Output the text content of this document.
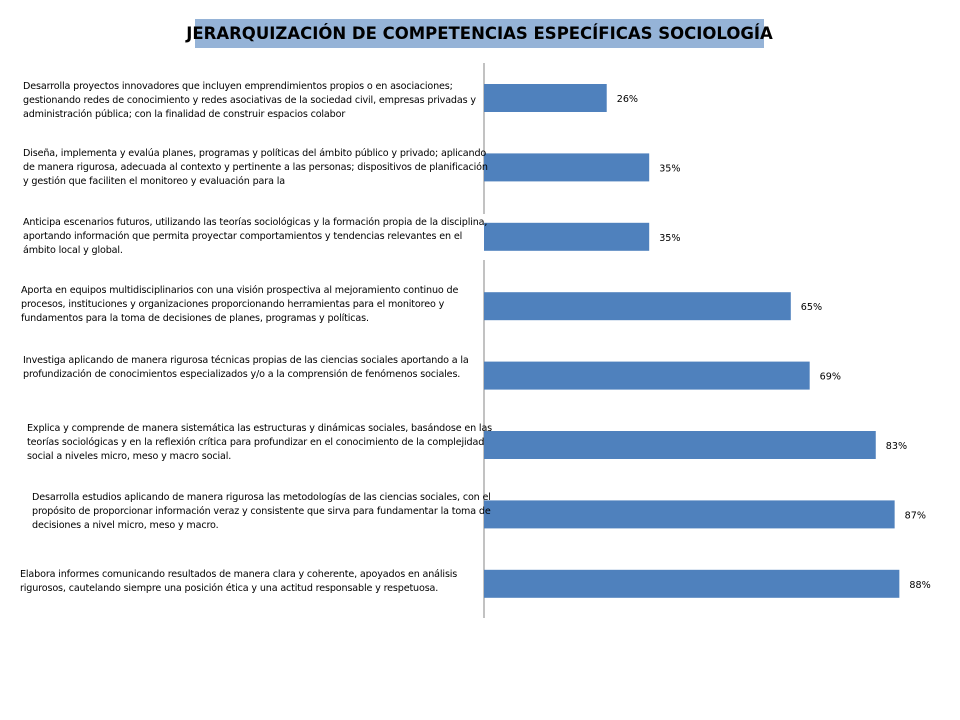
JERARQUIZACIÓN DE COMPETENCIAS ESPECÍFICAS SOCIOLOGÍA
26%
35%
35%
65%
69%
83%
87%
88%
Desarrolla proyectos innovadores que incluyen emprendimientos propios o en asociaciones; gestionando redes de conocimiento y redes asociativas de la sociedad civil, empresas privadas y administración pública; con la finalidad de construir espacios colabor
Diseña, implementa y evalúa planes, programas y políticas del ámbito público y privado; aplicando de manera rigurosa, adecuada al contexto y pertinente a las personas; dispositivos de planificación y gestión que faciliten el monitoreo y evaluación para la
Anticipa escenarios futuros, utilizando las teorías sociológicas y la formación propia de la disciplina, aportando información que permita proyectar comportamientos y tendencias relevantes en el ámbito local y global.
Aporta en equipos multidisciplinarios con una visión prospectiva al mejoramiento continuo de procesos, instituciones y organizaciones proporcionando herramientas para el monitoreo y fundamentos para la toma de decisiones de planes, programas y políticas.
Investiga aplicando de manera rigurosa técnicas propias de las ciencias sociales aportando a la profundización de conocimientos especializados y/o a la comprensión de fenómenos sociales.
Explica y comprende de manera sistemática las estructuras y dinámicas sociales, basándose en las teorías sociológicas y en la reflexión crítica para profundizar en el conocimiento de la complejidad social a niveles micro, meso y macro social.
Desarrolla estudios aplicando de manera rigurosa las metodologías de las ciencias sociales, con el propósito de proporcionar información veraz y consistente que sirva para fundamentar la toma de decisiones a nivel micro, meso y macro.
Elabora informes comunicando resultados de manera clara y coherente, apoyados en análisis rigurosos, cautelando siempre una posición ética y una actitud responsable y respetuosa.
